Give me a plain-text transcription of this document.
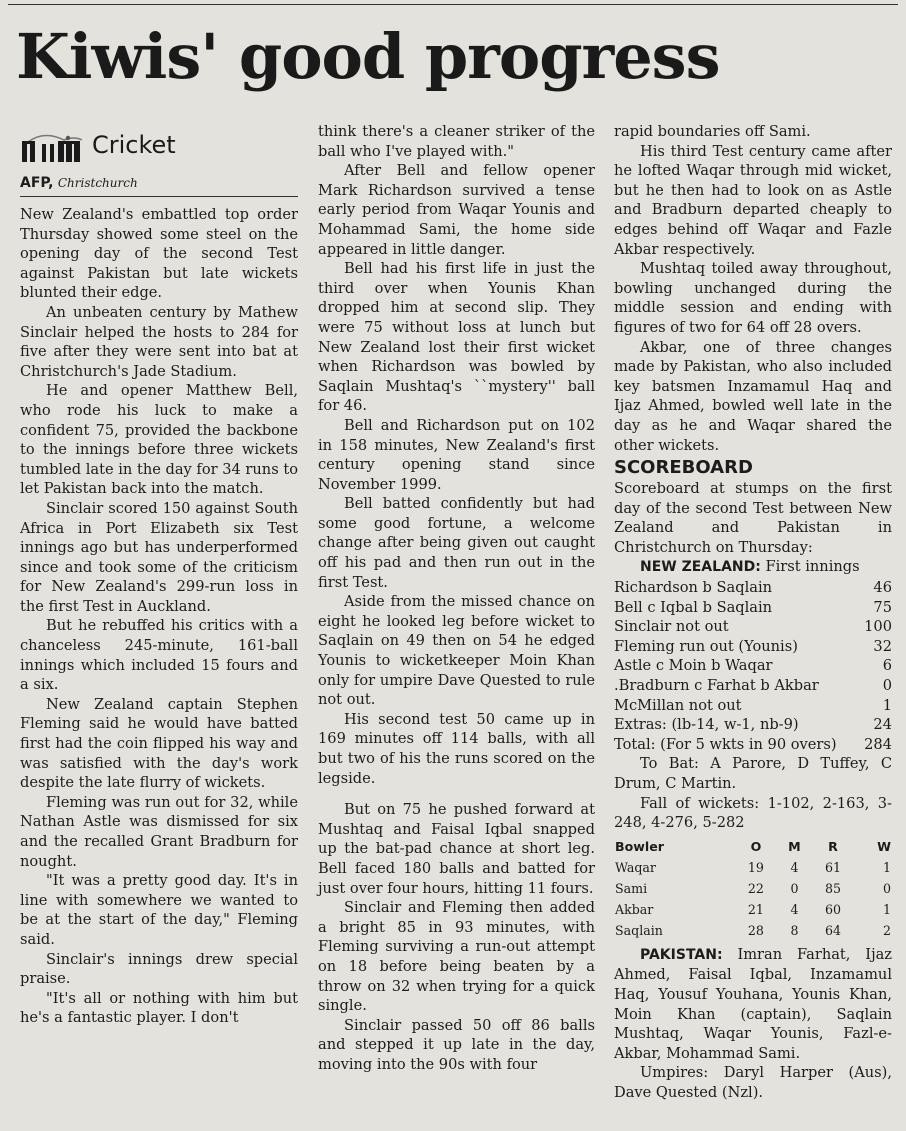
Kiwis' good progress
Cricket
AFP, Christchurch

New Zealand's embattled top order Thursday showed some steel on the opening day of the second Test against Pakistan but late wickets blunted their edge.

An unbeaten century by Mathew Sinclair helped the hosts to 284 for five after they were sent into bat at Christchurch's Jade Stadium.

He and opener Matthew Bell, who rode his luck to make a confident 75, provided the backbone to the innings before three wickets tumbled late in the day for 34 runs to let Pakistan back into the match.

Sinclair scored 150 against South Africa in Port Elizabeth six Test innings ago but has underperformed since and took some of the criticism for New Zealand's 299-run loss in the first Test in Auckland.

But he rebuffed his critics with a chanceless 245-minute, 161-ball innings which included 15 fours and a six.

New Zealand captain Stephen Fleming said he would have batted first had the coin flipped his way and was satisfied with the day's work despite the late flurry of wickets.

Fleming was run out for 32, while Nathan Astle was dismissed for six and the recalled Grant Bradburn for nought.

"It was a pretty good day. It's in line with somewhere we wanted to be at the start of the day," Fleming said.

Sinclair's innings drew special praise.

"It's all or nothing with him but he's a fantastic player. I don't

think there's a cleaner striker of the ball who I've played with."

After Bell and fellow opener Mark Richardson survived a tense early period from Waqar Younis and Mohammad Sami, the home side appeared in little danger.

Bell had his first life in just the third over when Younis Khan dropped him at second slip. They were 75 without loss at lunch but New Zealand lost their first wicket when Richardson was bowled by Saqlain Mushtaq's ``mystery'' ball for 46.

Bell and Richardson put on 102 in 158 minutes, New Zealand's first century opening stand since November 1999.

Bell batted confidently but had some good fortune, a welcome change after being given out caught off his pad and then run out in the first Test.

Aside from the missed chance on eight he looked leg before wicket to Saqlain on 49 then on 54 he edged Younis to wicketkeeper Moin Khan only for umpire Dave Quested to rule not out.

His second test 50 came up in 169 minutes off 114 balls, with all but two of his the runs scored on the legside.

But on 75 he pushed forward at Mushtaq and Faisal Iqbal snapped up the bat-pad chance at short leg. Bell faced 180 balls and batted for just over four hours, hitting 11 fours.

Sinclair and Fleming then added a bright 85 in 93 minutes, with Fleming surviving a run-out attempt on 18 before being beaten by a throw on 32 when trying for a quick single.

Sinclair passed 50 off 86 balls and stepped it up late in the day, moving into the 90s with four

rapid boundaries off Sami.

His third Test century came after he lofted Waqar through mid wicket, but he then had to look on as Astle and Bradburn departed cheaply to edges behind off Waqar and Fazle Akbar respectively.

Mushtaq toiled away throughout, bowling unchanged during the middle session and ending with figures of two for 64 off 28 overs.

Akbar, one of three changes made by Pakistan, who also included key batsmen Inzamamul Haq and Ijaz Ahmed, bowled well late in the day as he and Waqar shared the other wickets.

SCOREBOARD

Scoreboard at stumps on the first day of the second Test between New Zealand and Pakistan in Christchurch on Thursday:

NEW ZEALAND: First innings

Richardson b Saqlain	46
Bell c Iqbal b Saqlain	75
Sinclair not out	100
Fleming run out (Younis)	32
Astle c Moin b Waqar	6
.Bradburn c Farhat b Akbar	0
McMillan not out	1
Extras: (lb-14, w-1, nb-9)	24
Total: (For 5 wkts in 90 overs) 284

To Bat: A Parore, D Tuffey, C Drum, C Martin.

Fall of wickets: 1-102, 2-163, 3-248, 4-276, 5-282

Bowler	O	M	R	W
Waqar	19	4	61	1
Sami	22	0	85	0
Akbar	21	4	60	1
Saqlain	28	8	64	2

PAKISTAN: Imran Farhat, Ijaz Ahmed, Faisal Iqbal, Inzamamul Haq, Yousuf Youhana, Younis Khan, Moin Khan (captain), Saqlain Mushtaq, Waqar Younis, Fazl-e-Akbar, Mohammad Sami.

Umpires: Daryl Harper (Aus), Dave Quested (Nzl).
